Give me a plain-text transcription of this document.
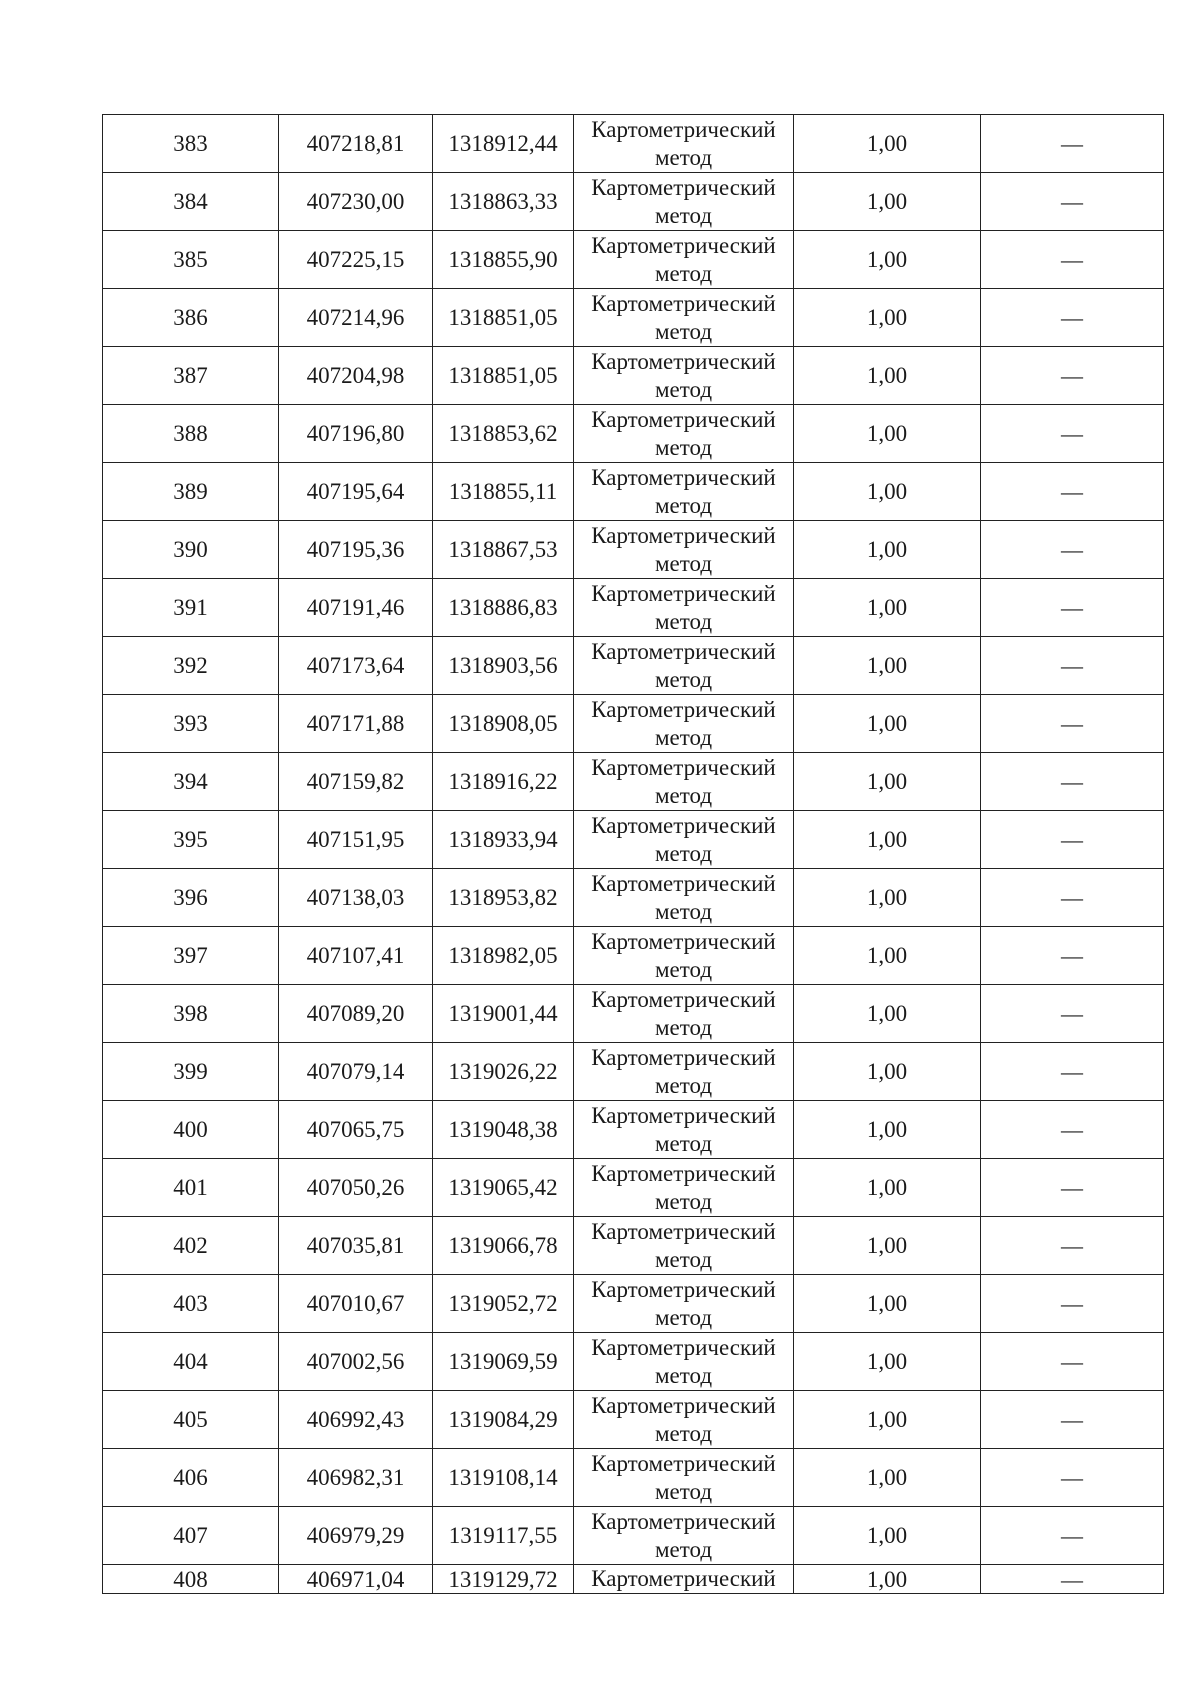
383	407218,81	1318912,44	Картометрический метод	1,00	—
384	407230,00	1318863,33	Картометрический метод	1,00	—
385	407225,15	1318855,90	Картометрический метод	1,00	—
386	407214,96	1318851,05	Картометрический метод	1,00	—
387	407204,98	1318851,05	Картометрический метод	1,00	—
388	407196,80	1318853,62	Картометрический метод	1,00	—
389	407195,64	1318855,11	Картометрический метод	1,00	—
390	407195,36	1318867,53	Картометрический метод	1,00	—
391	407191,46	1318886,83	Картометрический метод	1,00	—
392	407173,64	1318903,56	Картометрический метод	1,00	—
393	407171,88	1318908,05	Картометрический метод	1,00	—
394	407159,82	1318916,22	Картометрический метод	1,00	—
395	407151,95	1318933,94	Картометрический метод	1,00	—
396	407138,03	1318953,82	Картометрический метод	1,00	—
397	407107,41	1318982,05	Картометрический метод	1,00	—
398	407089,20	1319001,44	Картометрический метод	1,00	—
399	407079,14	1319026,22	Картометрический метод	1,00	—
400	407065,75	1319048,38	Картометрический метод	1,00	—
401	407050,26	1319065,42	Картометрический метод	1,00	—
402	407035,81	1319066,78	Картометрический метод	1,00	—
403	407010,67	1319052,72	Картометрический метод	1,00	—
404	407002,56	1319069,59	Картометрический метод	1,00	—
405	406992,43	1319084,29	Картометрический метод	1,00	—
406	406982,31	1319108,14	Картометрический метод	1,00	—
407	406979,29	1319117,55	Картометрический метод	1,00	—
408	406971,04	1319129,72	Картометрический	1,00	—
